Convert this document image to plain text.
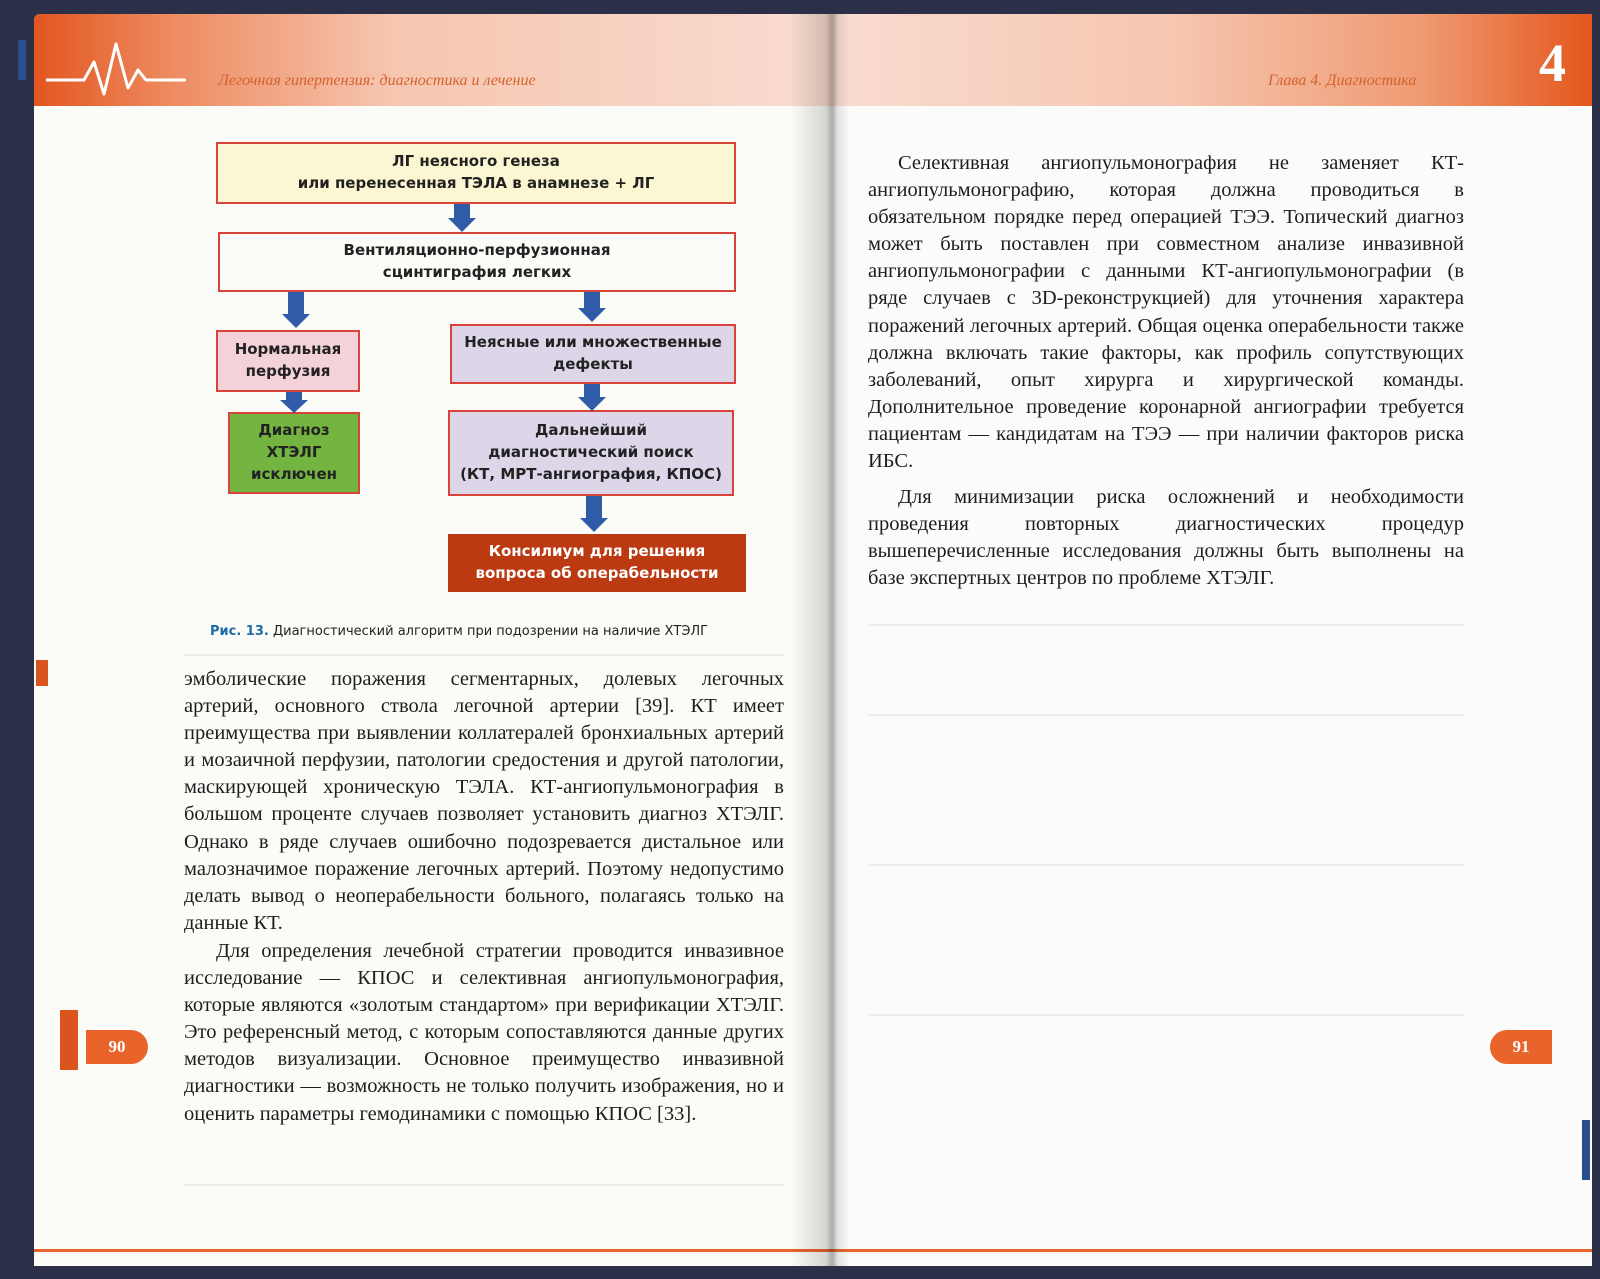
Легочная гипертензия: диагностика и лечение
ЛГ неясного генеза
или перенесенная ТЭЛА в анамнезе + ЛГ
Вентиляционно-перфузионная
сцинтиграфия легких
Нормальная
перфузия
Неясные или множественные
дефекты
Диагноз
ХТЭЛГ
исключен
Дальнейший
диагностический поиск
(КТ, МРТ-ангиография, КПОС)
Консилиум для решения
вопроса об операбельности
Рис. 13. Диагностический алгоритм при подозрении на наличие ХТЭЛГ

эмболические поражения сегментарных, долевых легочных артерий, основного ствола легочной артерии [39]. КТ имеет преимущества при выявлении коллатералей бронхиальных артерий и мозаичной перфузии, патологии средостения и другой патологии, маскирующей хроническую ТЭЛА. КТ-ангиопульмонография в большом проценте случаев позволяет установить диагноз ХТЭЛГ. Однако в ряде случаев ошибочно подозревается дистальное или малозначимое поражение легочных артерий. Поэтому недопустимо делать вывод о неоперабельности больного, полагаясь только на данные КТ.

Для определения лечебной стратегии проводится инвазивное исследование — КПОС и селективная ангиопульмонография, которые являются «золотым стандартом» при верификации ХТЭЛГ. Это референсный метод, с которым сопоставляются данные других методов визуализации. Основное преимущество инвазивной диагностики — возможность не только получить изображения, но и оценить параметры гемодинамики с помощью КПОС [33].

Глава 4. Диагностика 4

Селективная ангиопульмонография не заменяет КТ-ангиопульмонографию, которая должна проводиться в обязательном порядке перед операцией ТЭЭ. Топический диагноз может быть поставлен при совместном анализе инвазивной ангиопульмонографии с данными КТ-ангиопульмонографии (в ряде случаев с 3D-реконструкцией) для уточнения характера поражений легочных артерий. Общая оценка операбельности также должна включать такие факторы, как профиль сопутствующих заболеваний, опыт хирурга и хирургической команды. Дополнительное проведение коронарной ангиографии требуется пациентам — кандидатам на ТЭЭ — при наличии факторов риска ИБС.

Для минимизации риска осложнений и необходимости проведения повторных диагностических процедур вышеперечисленные исследования должны быть выполнены на базе экспертных центров по проблеме ХТЭЛГ.

90	91
